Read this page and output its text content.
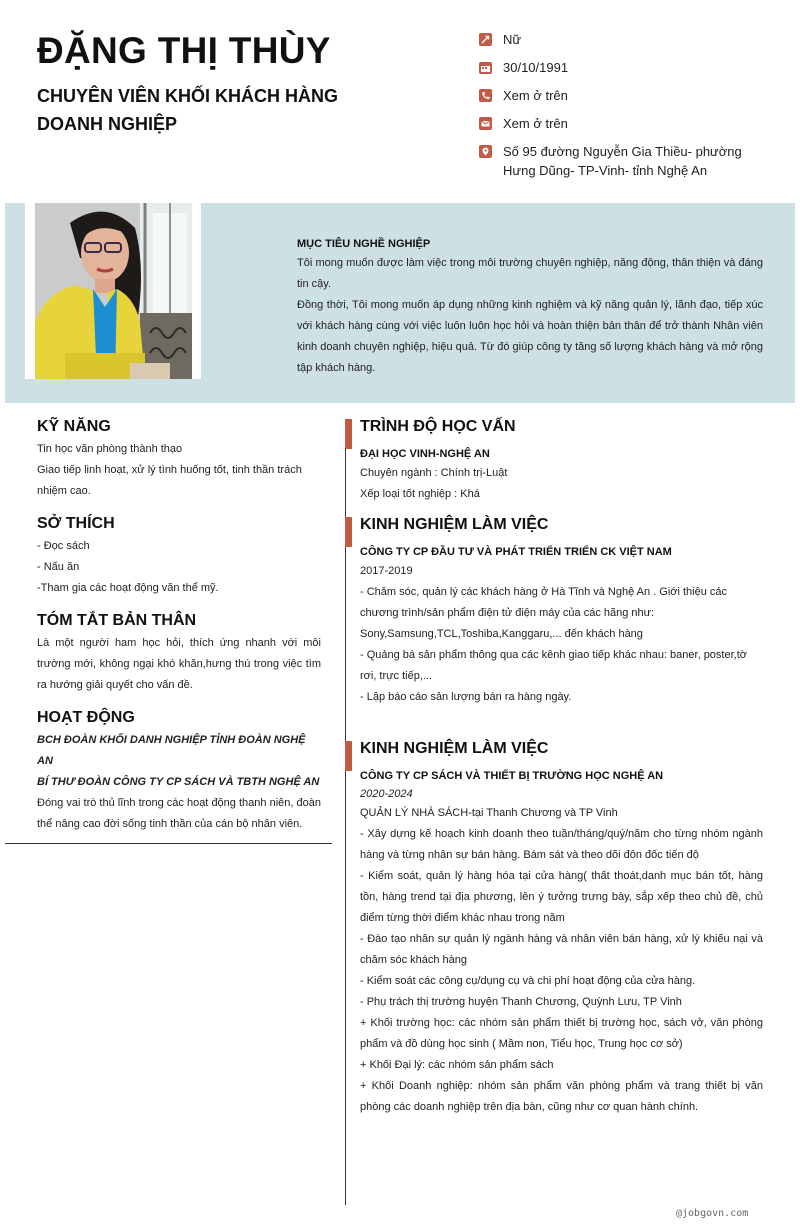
ĐẶNG THỊ THÙY
CHUYÊN VIÊN KHỐI KHÁCH HÀNGDOANH NGHIỆP
Nữ
30/10/1991
Xem ở trên
Xem ở trên
Số 95 đường Nguyễn Gia Thiều- phường Hưng Dũng- TP-Vinh- tỉnh Nghệ An
MỤC TIÊU NGHỀ NGHIỆP

Tôi mong muốn được làm việc trong môi trường chuyên nghiệp, năng động, thân thiện và đáng tin cậy.

Đồng thời, Tôi mong muốn áp dụng những kinh nghiệm và kỹ năng quản lý, lãnh đạo, tiếp xúc với khách hàng cùng với việc luôn luôn học hỏi và hoàn thiện bản thân để trở thành Nhân viên kinh doanh chuyên nghiệp, hiệu quả. Từ đó giúp công ty tăng số lượng khách hàng và mở rộng tập khách hàng.

KỸ NĂNG

Tin học văn phòng thành thạo

Giao tiếp linh hoạt, xử lý tình huống tốt, tinh thần trách nhiệm cao.

SỞ THÍCH

- Đọc sách

- Nấu ăn

-Tham gia các hoạt động văn thể mỹ.

TÓM TẮT BẢN THÂN

Là một người ham học hỏi, thích ứng nhanh với môi trường mới, không ngại khó khăn,hưng thú trong việc tìm ra hướng giải quyết cho vấn đề.

HOẠT ĐỘNG

BCH ĐOÀN KHỐI DANH NGHIỆP TỈNH ĐOÀN NGHỆ AN

BÍ THƯ ĐOÀN CÔNG TY CP SÁCH VÀ TBTH NGHỆ AN

Đóng vai trò thủ lĩnh trong các hoạt động thanh niên, đoàn thể nâng cao đời sống tinh thần của cán bộ nhân viên.

TRÌNH ĐỘ HỌC VẤN

ĐẠI HỌC VINH-NGHỆ AN

Chuyên ngành : Chính trị-Luật

Xếp loại tốt nghiệp : Khá

KINH NGHIỆM LÀM VIỆC

CÔNG TY CP ĐẦU TƯ VÀ PHÁT TRIỂN TRIỂN CK VIỆT NAM

2017-2019

- Chăm sóc, quản lý các khách hàng ở Hà Tĩnh và Nghệ An . Giới thiệu các chương trình/sản phẩm điện tử điện máy của các hãng như: Sony,Samsung,TCL,Toshiba,Kanggaru,... đến khách hàng

- Quảng bá sản phẩm thông qua các kênh giao tiếp khác nhau: baner, poster,tờ rơi, trực tiếp,...

- Lập báo cáo sản lượng bán ra hàng ngày.

KINH NGHIỆM LÀM VIỆC

CÔNG TY CP SÁCH VÀ THIẾT BỊ TRƯỜNG HỌC NGHỆ AN

2020-2024

QUẢN LÝ NHÀ SÁCH-tại Thanh Chương và TP Vinh

- Xây dựng kế hoạch kinh doanh theo tuần/tháng/quý/năm cho từng nhóm ngành hàng và từng nhân sự bán hàng. Bám sát và theo dõi đôn đốc tiến độ

- Kiểm soát, quản lý hàng hóa tại cửa hàng( thất thoát,danh mục bán tốt, hàng tồn, hàng trend tại địa phương, lên ý tưởng trưng bày, sắp xếp theo chủ đề, chủ điểm từng thời điểm khác nhau trong năm

- Đào tạo nhân sự quản lý ngành hàng và nhân viên bán hàng, xử lý khiếu nại và chăm sóc khách hàng

- Kiểm soát các công cụ/dụng cụ và chi phí hoạt động của cửa hàng.

- Phụ trách thị trường huyện Thanh Chương, Quỳnh Lưu, TP Vinh

+ Khối trường học: các nhóm sản phẩm thiết bị trường học, sách vở, văn phòng phẩm và đồ dùng học sinh ( Mầm non, Tiểu học, Trung học cơ sở)

+ Khối Đại lý: các nhóm sản phẩm sách

+ Khối Doanh nghiệp: nhóm sản phẩm văn phòng phẩm và trang thiết bị văn phòng các doanh nghiệp trên địa bàn, cũng như cơ quan hành chính.

@jobgovn.com
